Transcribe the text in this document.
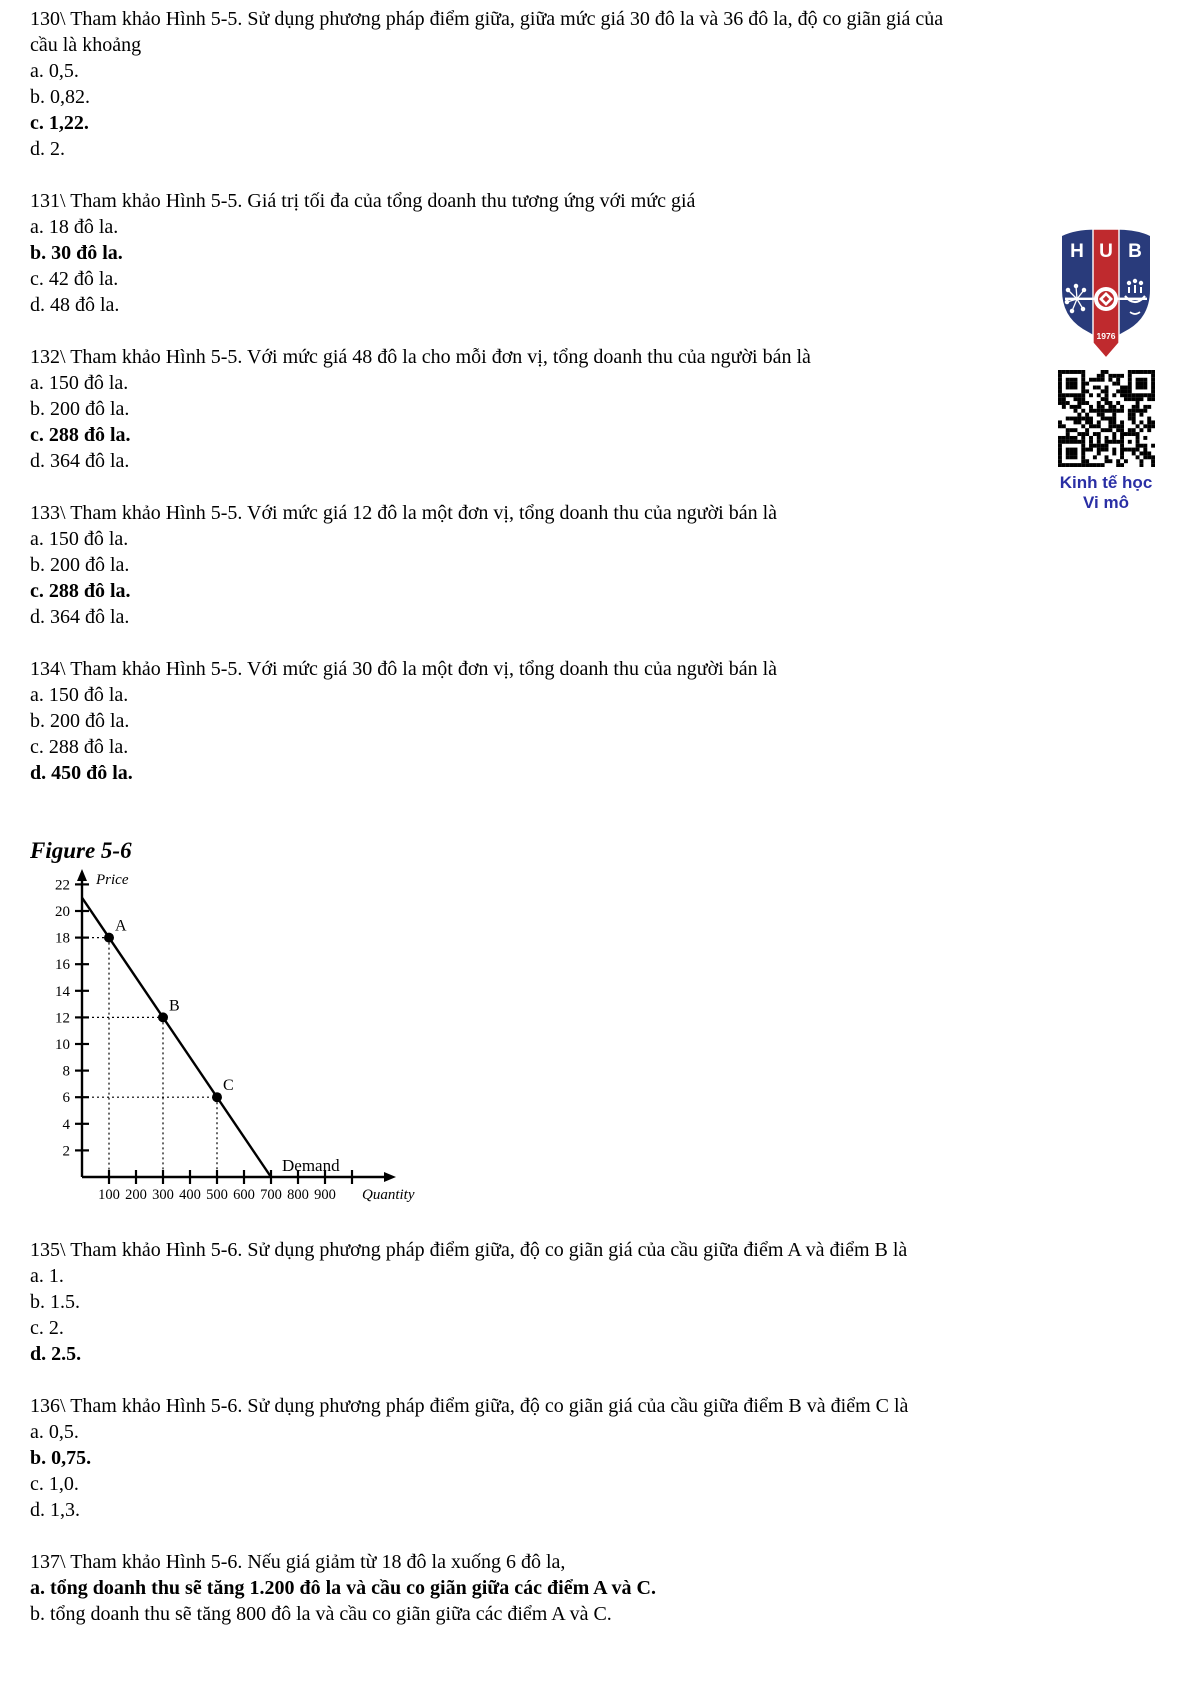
130\ Tham khảo Hình 5-5. Sử dụng phương pháp điểm giữa, giữa mức giá 30 đô la và 36 đô la, độ co giãn giá của
cầu là khoảng
a. 0,5.
b. 0,82.
c. 1,22.
d. 2.
131\ Tham khảo Hình 5-5. Giá trị tối đa của tổng doanh thu tương ứng với mức giá
a. 18 đô la.
b. 30 đô la.
c. 42 đô la.
d. 48 đô la.
132\ Tham khảo Hình 5-5. Với mức giá 48 đô la cho mỗi đơn vị, tổng doanh thu của người bán là
a. 150 đô la.
b. 200 đô la.
c. 288 đô la.
d. 364 đô la.
133\ Tham khảo Hình 5-5. Với mức giá 12 đô la một đơn vị, tổng doanh thu của người bán là
a. 150 đô la.
b. 200 đô la.
c. 288 đô la.
d. 364 đô la.
134\ Tham khảo Hình 5-5. Với mức giá 30 đô la một đơn vị, tổng doanh thu của người bán là
a. 150 đô la.
b. 200 đô la.
c. 288 đô la.
d. 450 đô la.
Figure 5-6
2
4
6
8
10
12
14
16
18
20
22
100 200 300 400 500 600 700 800 900
Price
Quantity
Demand
A
B
C
135\ Tham khảo Hình 5-6. Sử dụng phương pháp điểm giữa, độ co giãn giá của cầu giữa điểm A và điểm B là
a. 1.
b. 1.5.
c. 2.
d. 2.5.
136\ Tham khảo Hình 5-6. Sử dụng phương pháp điểm giữa, độ co giãn giá của cầu giữa điểm B và điểm C là
a. 0,5.
b. 0,75.
c. 1,0.
d. 1,3.
137\ Tham khảo Hình 5-6. Nếu giá giảm từ 18 đô la xuống 6 đô la,
a. tổng doanh thu sẽ tăng 1.200 đô la và cầu co giãn giữa các điểm A và C.
b. tổng doanh thu sẽ tăng 800 đô la và cầu co giãn giữa các điểm A và C.
H U B
1976
Kinh tế học
Vi mô
